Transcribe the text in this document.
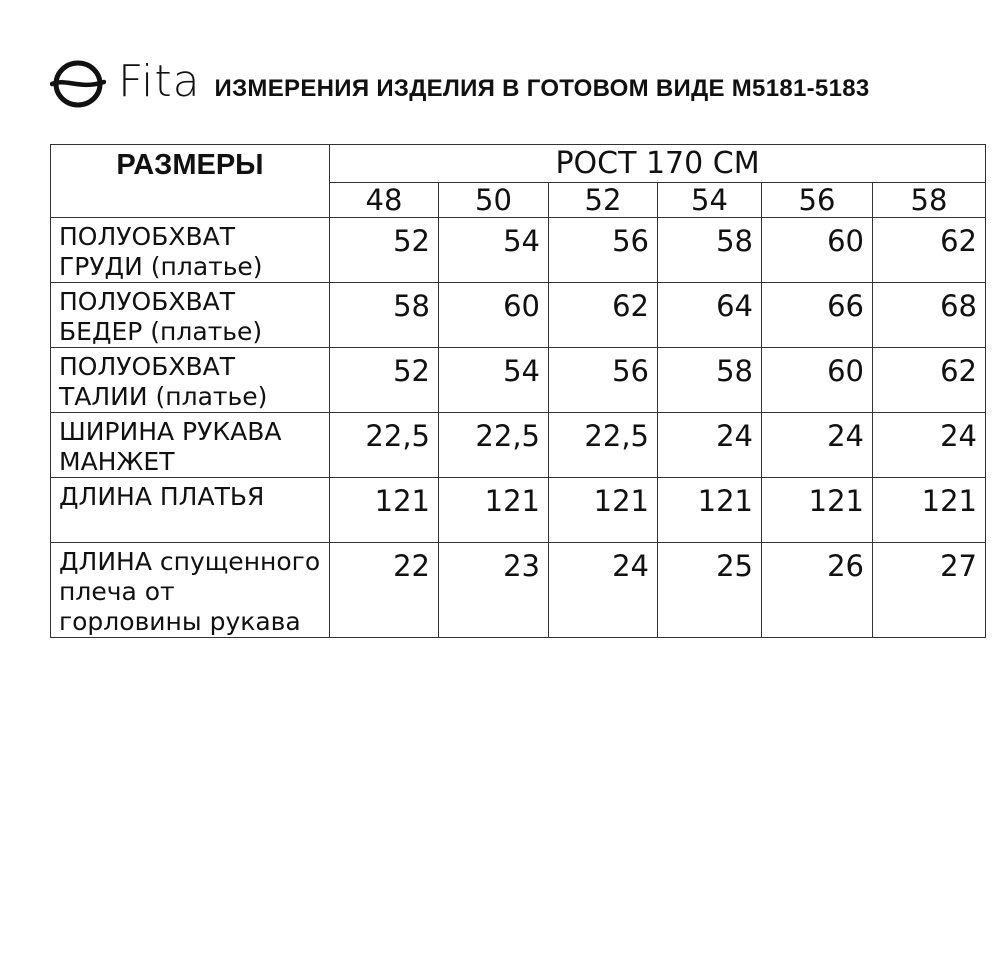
Fita ИЗМЕРЕНИЯ ИЗДЕЛИЯ В ГОТОВОМ ВИДЕ M5181-5183
РАЗМЕРЫ	РОСТ 170 СМ					
	48	50	52	54	56	58
ПОЛУОБХВАТ ГРУДИ (платье)	52	54	56	58	60	62
ПОЛУОБХВАТ БЕДЕР (платье)	58	60	62	64	66	68
ПОЛУОБХВАТ ТАЛИИ (платье)	52	54	56	58	60	62
ШИРИНА РУКАВА МАНЖЕТ	22,5	22,5	22,5	24	24	24
ДЛИНА ПЛАТЬЯ	121	121	121	121	121	121
ДЛИНА спущенного плеча от горловины рукава	22	23	24	25	26	27
